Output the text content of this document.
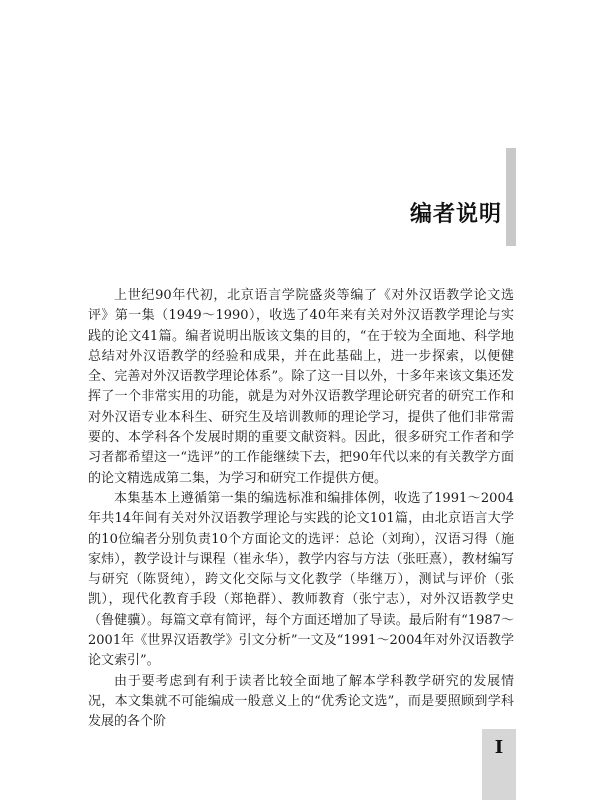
编者说明

上世纪90年代初，北京语言学院盛炎等编了《对外汉语教学论文选评》第一集（1949～1990），收选了40年来有关对外汉语教学理论与实践的论文41篇。编者说明出版该文集的目的，“在于较为全面地、科学地总结对外汉语教学的经验和成果，并在此基础上，进一步探索，以便健全、完善对外汉语教学理论体系”。除了这一目以外，十多年来该文集还发挥了一个非常实用的功能，就是为对外汉语教学理论研究者的研究工作和对外汉语专业本科生、研究生及培训教师的理论学习，提供了他们非常需要的、本学科各个发展时期的重要文献资料。因此，很多研究工作者和学习者都希望这一“选评”的工作能继续下去，把90年代以来的有关教学方面的论文精选成第二集，为学习和研究工作提供方便。

本集基本上遵循第一集的编选标准和编排体例，收选了1991～2004年共14年间有关对外汉语教学理论与实践的论文101篇，由北京语言大学的10位编者分别负责10个方面论文的选评：总论（刘珣），汉语习得（施家炜），教学设计与课程（崔永华），教学内容与方法（张旺熹），教材编写与研究（陈贤纯），跨文化交际与文化教学（毕继万），测试与评价（张凯），现代化教育手段（郑艳群）、教师教育（张宁志），对外汉语教学史（鲁健骥）。每篇文章有简评，每个方面还增加了导读。最后附有“1987～2001年《世界汉语教学》引文分析”一文及“1991～2004年对外汉语教学论文索引”。

由于要考虑到有利于读者比较全面地了解本学科教学研究的发展情况，本文集就不可能编成一般意义上的“优秀论文选”，而是要照顾到学科发展的各个阶

I
